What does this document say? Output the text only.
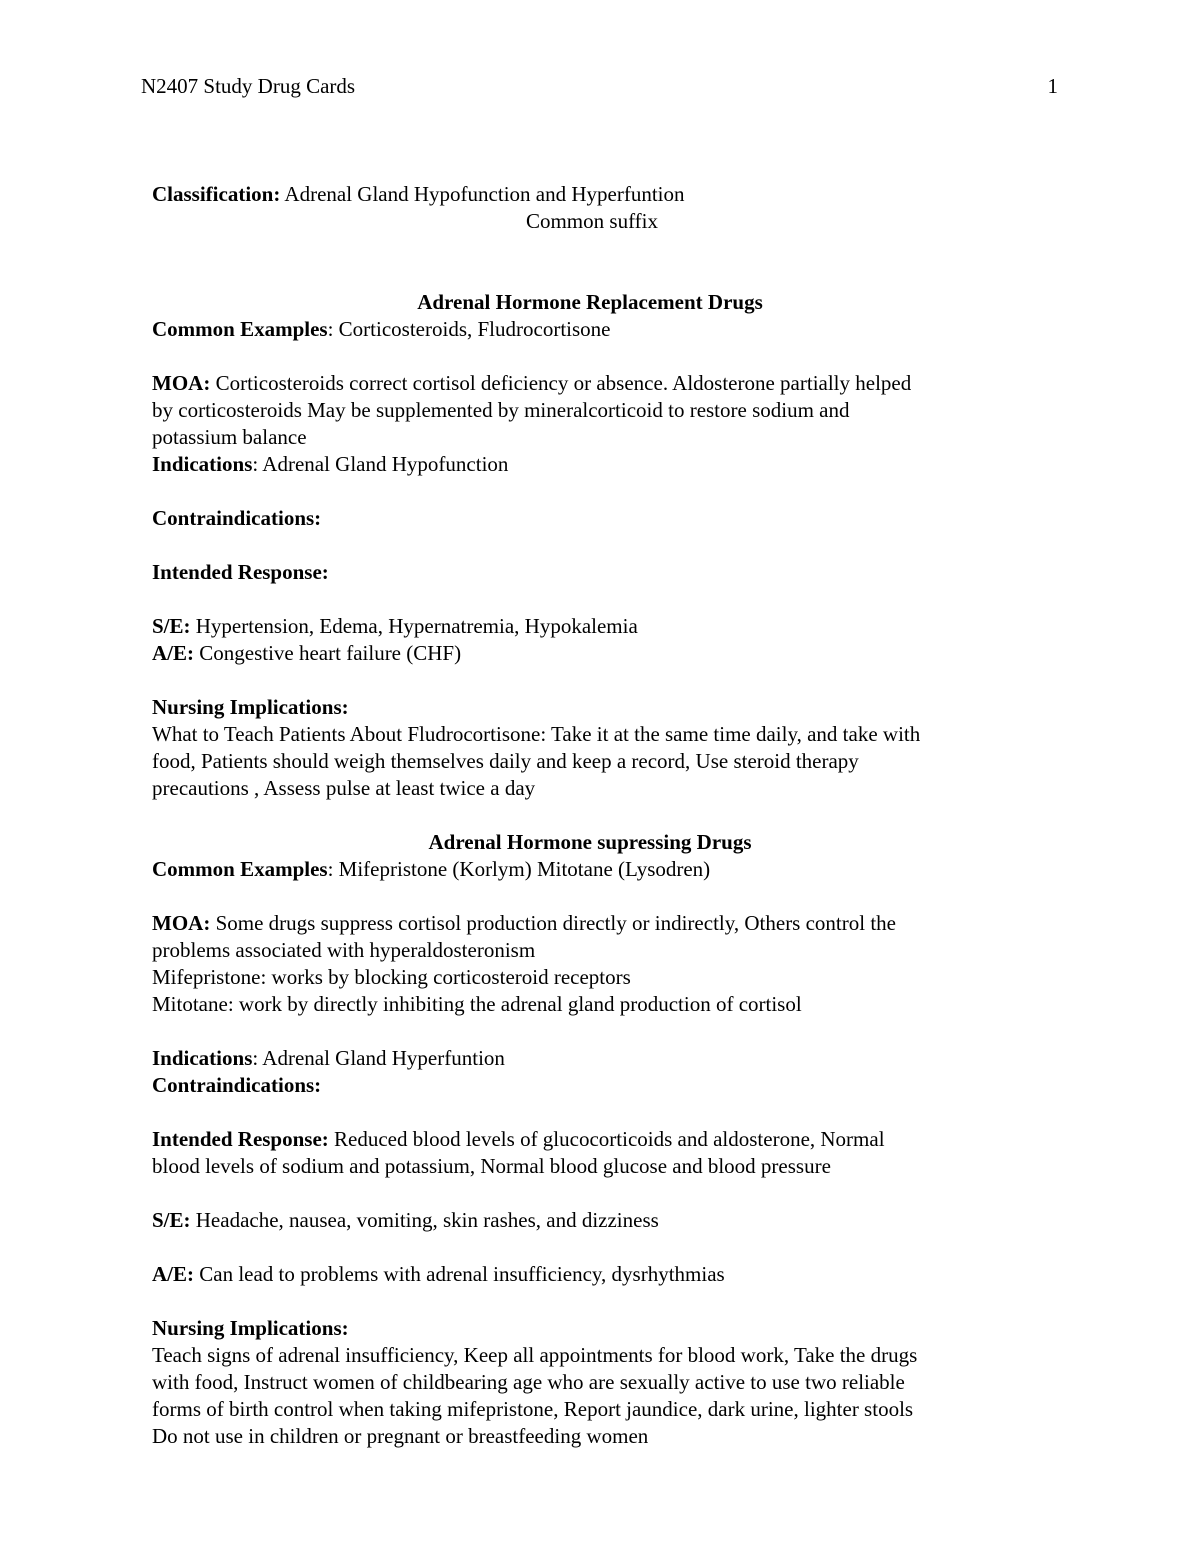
N2407 Study Drug Cards	1
Classification: Adrenal Gland Hypofunction and Hyperfuntion
Common suffix
Adrenal Hormone Replacement Drugs
Common Examples: Corticosteroids, Fludrocortisone
MOA: Corticosteroids correct cortisol deficiency or absence. Aldosterone partially helped
by corticosteroids May be supplemented by mineralcorticoid to restore sodium and
potassium balance
Indications: Adrenal Gland Hypofunction
Contraindications:
Intended Response:
S/E: Hypertension, Edema, Hypernatremia, Hypokalemia
A/E: Congestive heart failure (CHF)
Nursing Implications:
What to Teach Patients About Fludrocortisone: Take it at the same time daily, and take with
food, Patients should weigh themselves daily and keep a record, Use steroid therapy
precautions , Assess pulse at least twice a day
Adrenal Hormone supressing Drugs
Common Examples: Mifepristone (Korlym) Mitotane (Lysodren)
MOA: Some drugs suppress cortisol production directly or indirectly, Others control the
problems associated with hyperaldosteronism
Mifepristone: works by blocking corticosteroid receptors
Mitotane: work by directly inhibiting the adrenal gland production of cortisol
Indications: Adrenal Gland Hyperfuntion
Contraindications:
Intended Response: Reduced blood levels of glucocorticoids and aldosterone, Normal
blood levels of sodium and potassium, Normal blood glucose and blood pressure
S/E: Headache, nausea, vomiting, skin rashes, and dizziness
A/E: Can lead to problems with adrenal insufficiency, dysrhythmias
Nursing Implications:
Teach signs of adrenal insufficiency, Keep all appointments for blood work, Take the drugs
with food, Instruct women of childbearing age who are sexually active to use two reliable
forms of birth control when taking mifepristone, Report jaundice, dark urine, lighter stools
Do not use in children or pregnant or breastfeeding women
